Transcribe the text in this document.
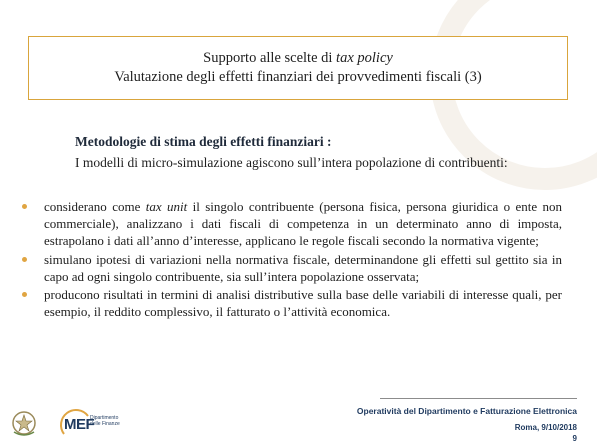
Supporto alle scelte di tax policy
Valutazione degli effetti finanziari dei provvedimenti fiscali (3)
Metodologie di stima degli effetti finanziari :
I modelli di micro-simulazione agiscono sull’intera popolazione di contribuenti:
considerano come tax unit il singolo contribuente (persona fisica, persona giuridica o ente non commerciale), analizzano i dati fiscali di competenza in un determinato anno di imposta, estrapolano i dati all’anno d’interesse, applicano le regole fiscali secondo la normativa vigente;
simulano ipotesi di variazioni nella normativa fiscale, determinandone gli effetti sul gettito sia in capo ad ogni singolo contribuente, sia sull’intera popolazione osservata;
producono risultati in termini di analisi distributive sulla base delle variabili di interesse quali, per esempio, il reddito complessivo, il fatturato o l’attività economica.
MEF
Dipartimento
delle Finanze
Operatività del Dipartimento e Fatturazione Elettronica
Roma, 9/10/2018
9
